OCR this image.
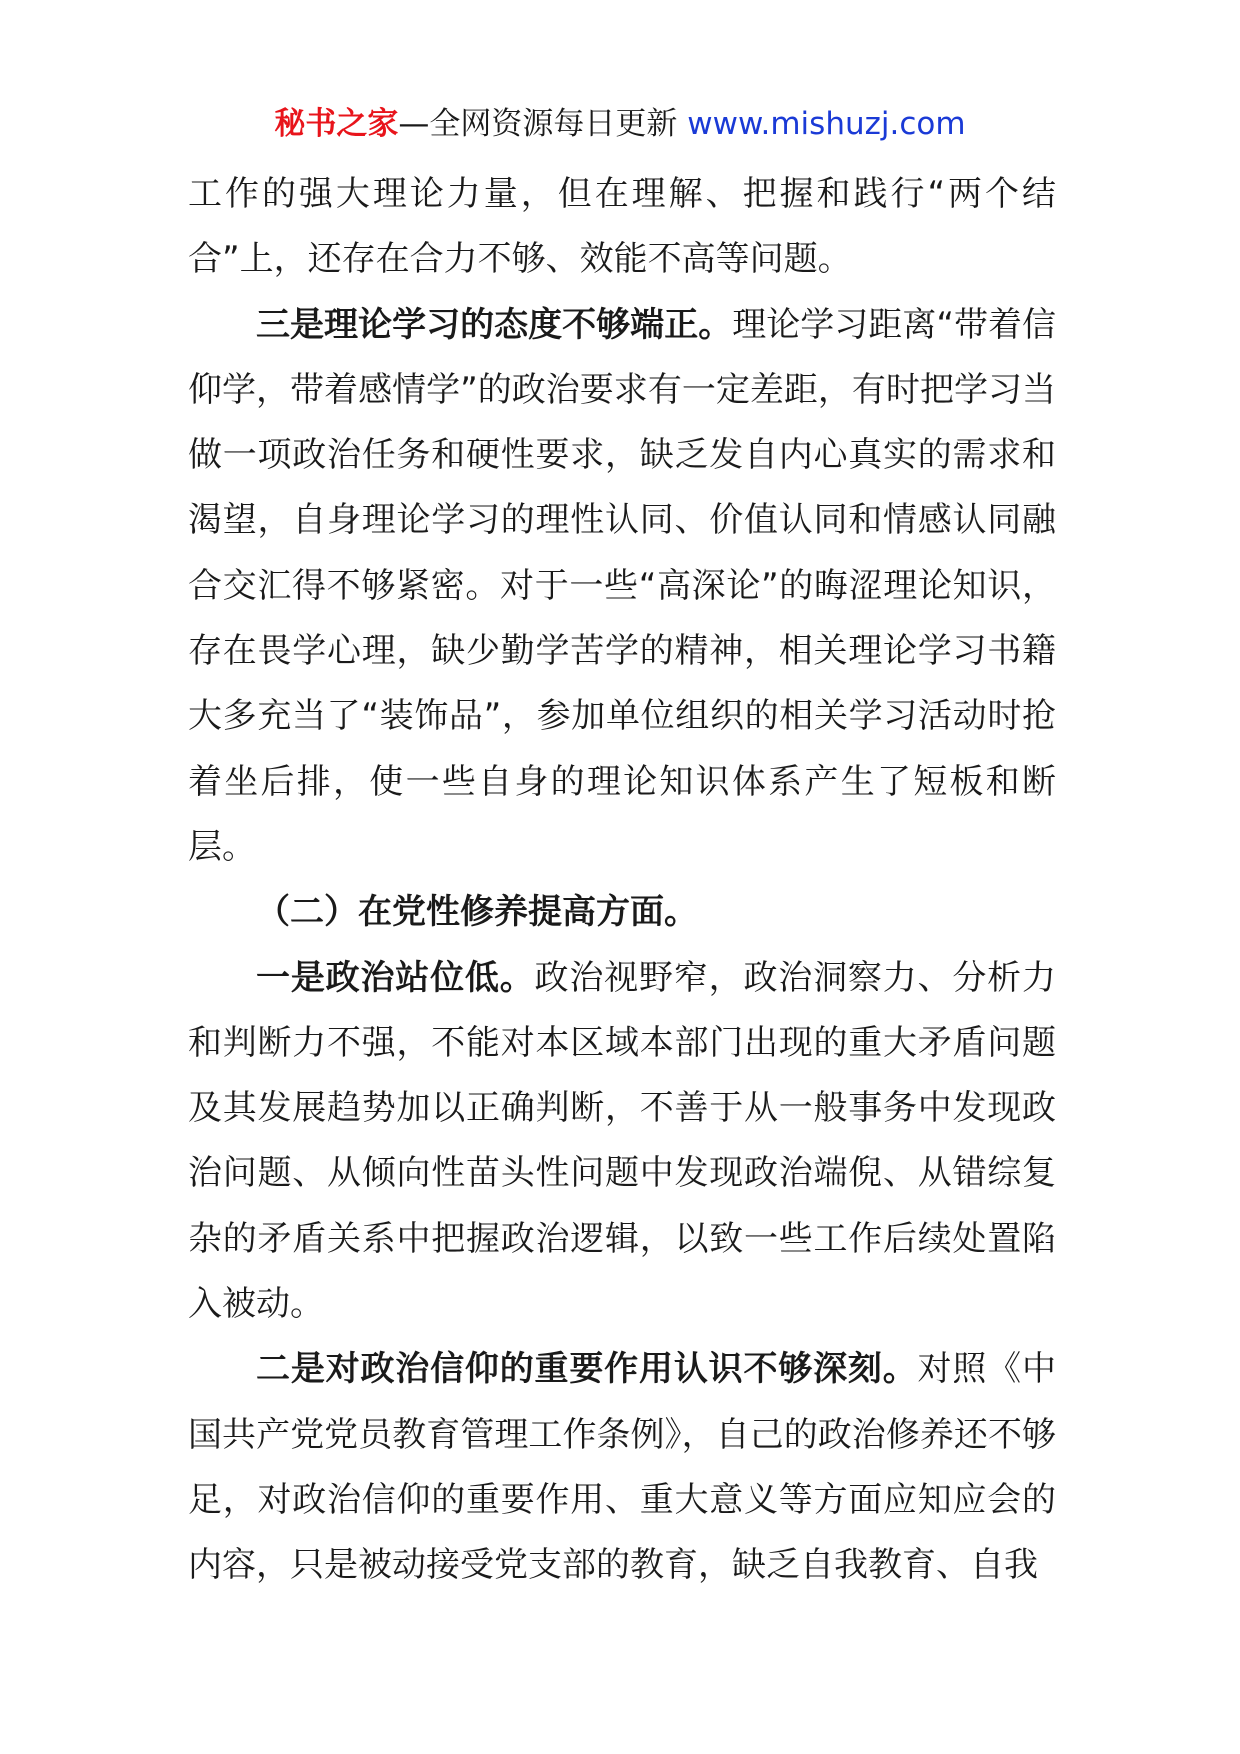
秘书之家—全网资源每日更新 www.mishuzj.com

工作的强大理论力量，但在理解、把握和践行“两个结合”上，还存在合力不够、效能不高等问题。

三是理论学习的态度不够端正。理论学习距离“带着信仰学，带着感情学”的政治要求有一定差距，有时把学习当做一项政治任务和硬性要求，缺乏发自内心真实的需求和渴望，自身理论学习的理性认同、价值认同和情感认同融合交汇得不够紧密。对于一些“高深论”的晦涩理论知识，存在畏学心理，缺少勤学苦学的精神，相关理论学习书籍大多充当了“装饰品”，参加单位组织的相关学习活动时抢着坐后排，使一些自身的理论知识体系产生了短板和断层。

（二）在党性修养提高方面。

一是政治站位低。政治视野窄，政治洞察力、分析力和判断力不强，不能对本区域本部门出现的重大矛盾问题及其发展趋势加以正确判断，不善于从一般事务中发现政治问题、从倾向性苗头性问题中发现政治端倪、从错综复杂的矛盾关系中把握政治逻辑，以致一些工作后续处置陷入被动。

二是对政治信仰的重要作用认识不够深刻。对照《中国共产党党员教育管理工作条例》，自己的政治修养还不够足，对政治信仰的重要作用、重大意义等方面应知应会的内容，只是被动接受党支部的教育，缺乏自我教育、自我
